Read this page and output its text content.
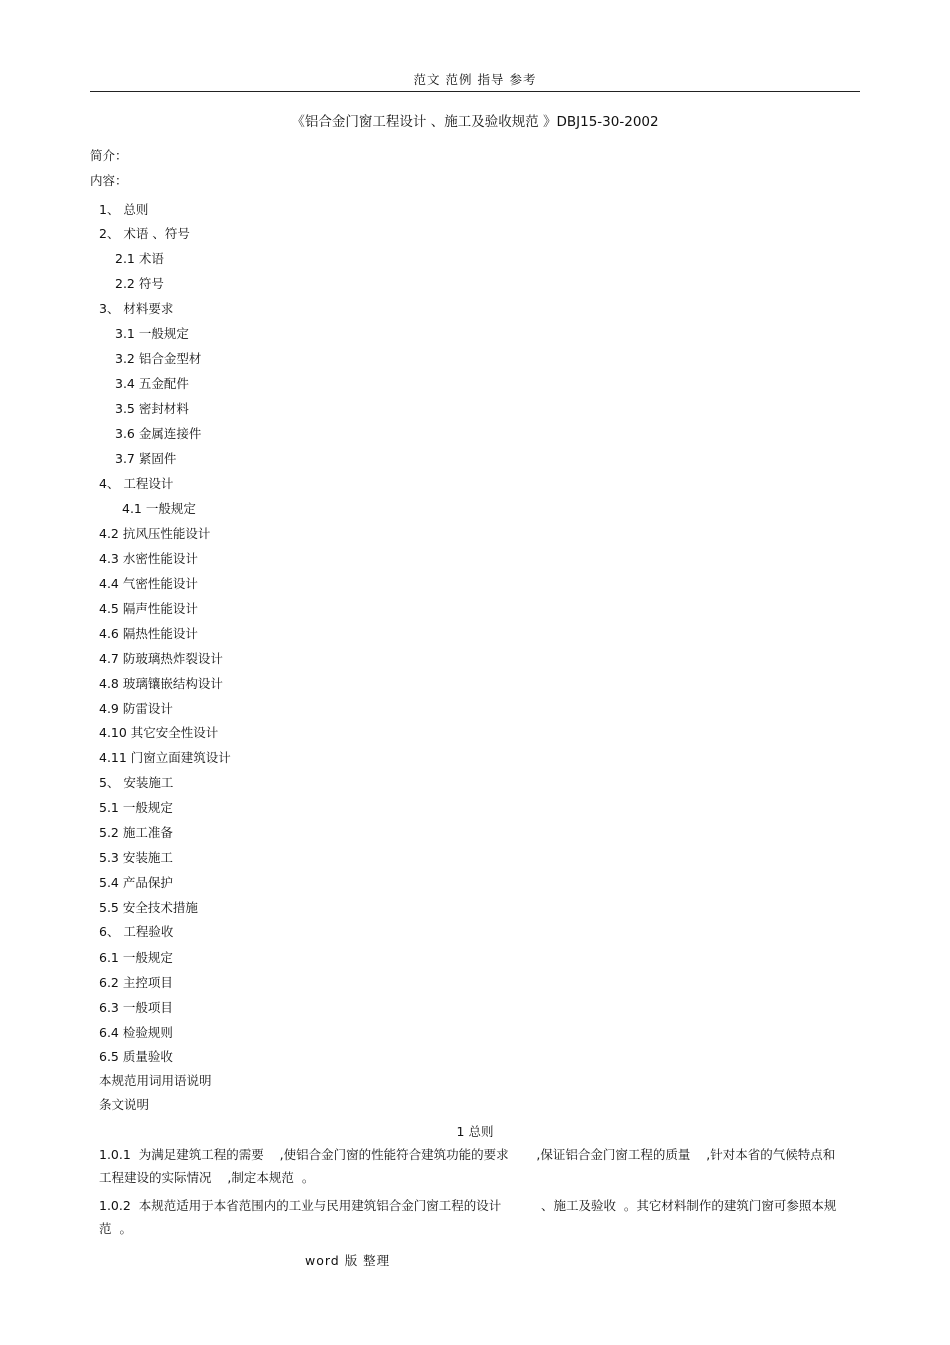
范文 范例 指导 参考
《铝合金门窗工程设计 、施工及验收规范 》DBJ15-30-2002
简介：
内容：
1、 总则
2、 术语 、符号
2.1 术语
2.2 符号
3、 材料要求
3.1 一般规定
3.2 铝合金型材
3.4 五金配件
3.5 密封材料
3.6 金属连接件
3.7 紧固件
4、 工程设计
4.1 一般规定
4.2 抗风压性能设计
4.3 水密性能设计
4.4 气密性能设计
4.5 隔声性能设计
4.6 隔热性能设计
4.7 防玻璃热炸裂设计
4.8 玻璃镶嵌结构设计
4.9 防雷设计
4.10 其它安全性设计
4.11 门窗立面建筑设计
5、 安装施工
5.1 一般规定
5.2 施工准备
5.3 安装施工
5.4 产品保护
5.5 安全技术措施
6、 工程验收
6.1 一般规定
6.2 主控项目
6.3 一般项目
6.4 检验规则
6.5 质量验收
本规范用词用语说明
条文说明
1 总则
1.0.1  为满足建筑工程的需要    ,使铝合金门窗的性能符合建筑功能的要求       ,保证铝合金门窗工程的质量    ,针对本省的气候特点和工程建设的实际情况    ,制定本规范  。
1.0.2  本规范适用于本省范围内的工业与民用建筑铝合金门窗工程的设计          、施工及验收  。其它材料制作的建筑门窗可参照本规范  。
word 版 整理
